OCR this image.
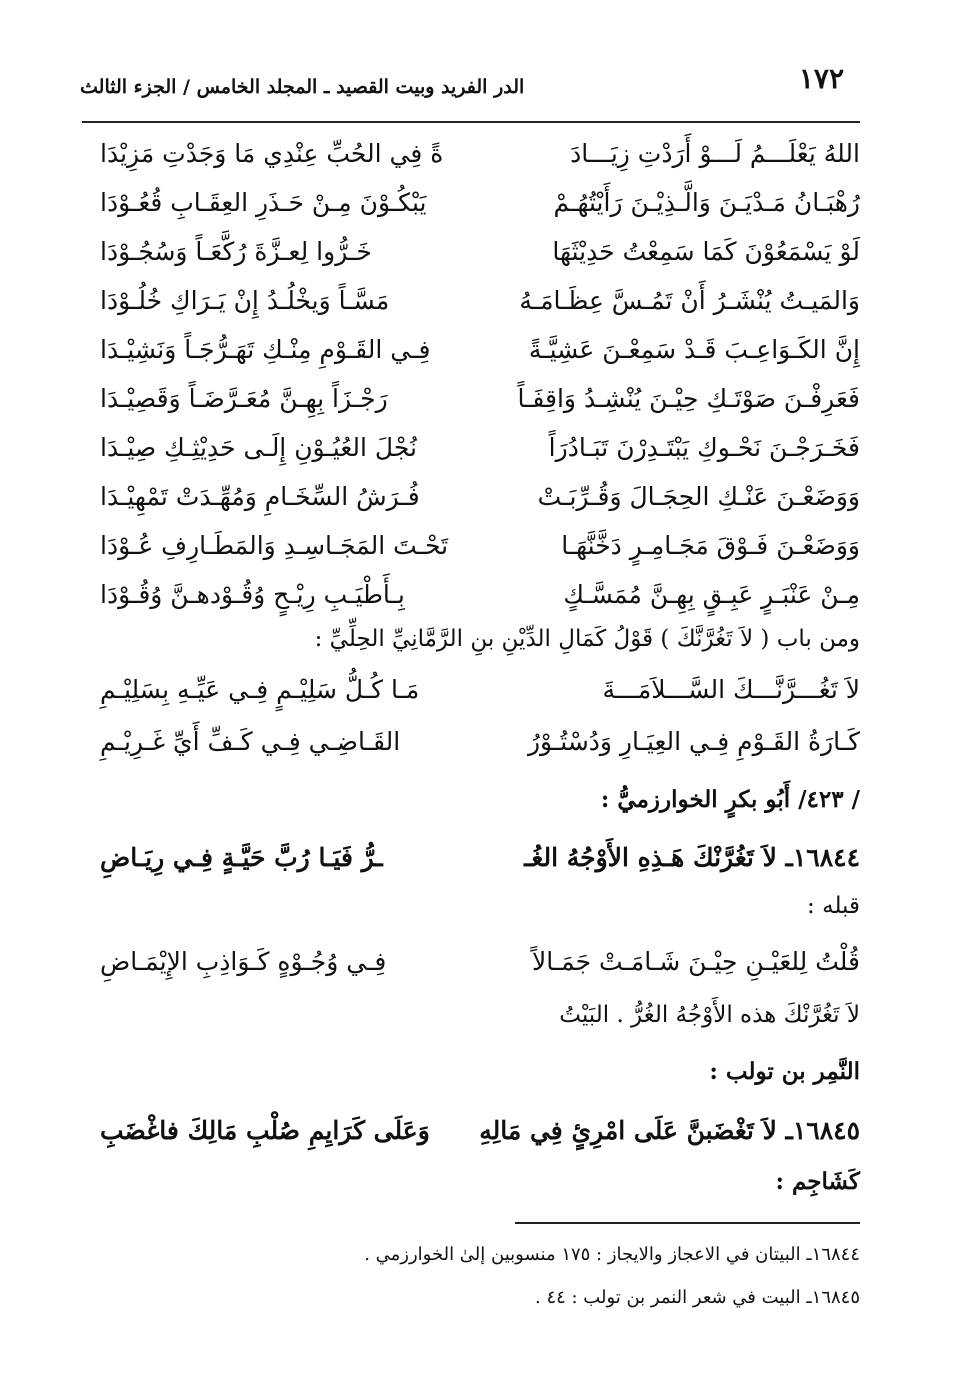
١٧٢
الدر الفريد وبيت القصيد ـ المجلد الخامس / الجزء الثالث
اللهُ يَعْلَـــمُ لَـــوْ أَرَدْتِ زِيَـــادَ
ةً فِي الحُبِّ عِنْدِي مَا وَجَدْتِ مَزِيْدَا
رُهْبَـانُ مَـدْيَـنَ وَالَّـذِيْـنَ رَأَيْتُهُـمْ
يَبْكُـوْنَ مِـنْ حَـذَرِ العِقَـابِ قُعُـوْدَا
لَوْ يَسْمَعُوْنَ كَمَا سَمِعْتُ حَدِيْثَهَا
خَـرُّوا لِعـزَّةَ رُكَّعَـاً وَسُجُـوْدَا
وَالمَيـتُ يُنْشَـرُ أَنْ تَمُـسَّ عِظَـامَـهُ
مَسَّـاً وَيخْلُـدُ إِنْ يَـرَاكِ خُلُـوْدَا
إِنَّ الكَـوَاعِـبَ قَـدْ سَمِعْـنَ عَشِيَّـةً
فِـي القَـوْمِ مِنْـكِ تَهَـرُّجَـاً وَنَشِيْـدَا
فَعَرِفْـنَ صَوْتَـكِ حِيْـنَ يُنْشِـدُ وَاقِفَـاً
رَجْـزَاً بِهِـنَّ مُعَـرَّضَـاً وَقَصِيْـدَا
فَخَـرَجْـنَ نَحْـوكِ يَبْتَـدِرْنَ تَبَـادُرَاً
نُجْلَ العُيُـوْنِ إِلَـى حَدِيْثِـكِ صِيْـدَا
وَوَضَعْـنَ عَنْـكِ الحِجَـالَ وَقُـرِّبَـتْ
فُـرَشُ السِّخَـامِ وَمُهِّـدَتْ تَمْهِيْـدَا
وَوَضَعْـنَ فَـوْقَ مَجَـامِـرٍ دَخَّنَّهَـا
تَحْـتَ المَجَـاسِـدِ وَالمَطَـارِفِ عُـوْدَا
مِـنْ عَنْبَـرٍ عَبِـقٍ بِهِـنَّ مُمَسَّـكٍ
بِـأَطْيَـبِ رِيْـحٍ وُقُـوْدهـنَّ وُقُـوْدَا
ومن باب ( لاَ تَغُرَّنَّكَ ) قَوْلُ كَمَالِ الدِّيْنِ بنِ الرَّمَّانِيِّ الحِلِّيِّ :
لاَ تَغُـــرَّنَّـــكَ السَّـــلاَمَـــةَ
مَـا كُـلُّ سَلِيْـمٍ فِـي عَيِّـهِ بِسَلِيْـمِ
كَـارَةُ القَـوْمِ فِـي العِيَـارِ وَدُسْتُـوْرُ
القَـاضِـي فِـي كَـفِّ أَيِّ غَـرِيْـمِ
/ ٤٢٣/ أَبُو بكرٍ الخوارزميُّ :
١٦٨٤٤ـ لاَ تَغُرَّنْكَ هَـذِهِ الأَوْجُهُ الغُـ
ـرُّ فَيَـا رُبَّ حَيَّـةٍ فِـي رِيَـاضِ
قبله :
قُلْتُ لِلعَيْـنِ حِيْـنَ شَـامَـتْ جَمَـالاً
فِـي وُجُـوْهٍ كَـوَاذِبِ الإِيْمَـاضِ
لاَ تَغُرَّنْكَ هذه الأَوْجُهُ الغُرُّ . البَيْتُ
النَّمِر بن تولب :
١٦٨٤٥ـ لاَ تَغْضَبنَّ عَلَى امْرِئٍ فِي مَالِهِ
وَعَلَى كَرَايِمِ صُلْبِ مَالِكَ فاغْضَبِ
كَشَاجِم :
١٦٨٤٤ـ البيتان في الاعجاز والايجاز : ١٧٥ منسوبين إلىٰ الخوارزمي .
١٦٨٤٥ـ البيت في شعر النمر بن تولب : ٤٤ .
